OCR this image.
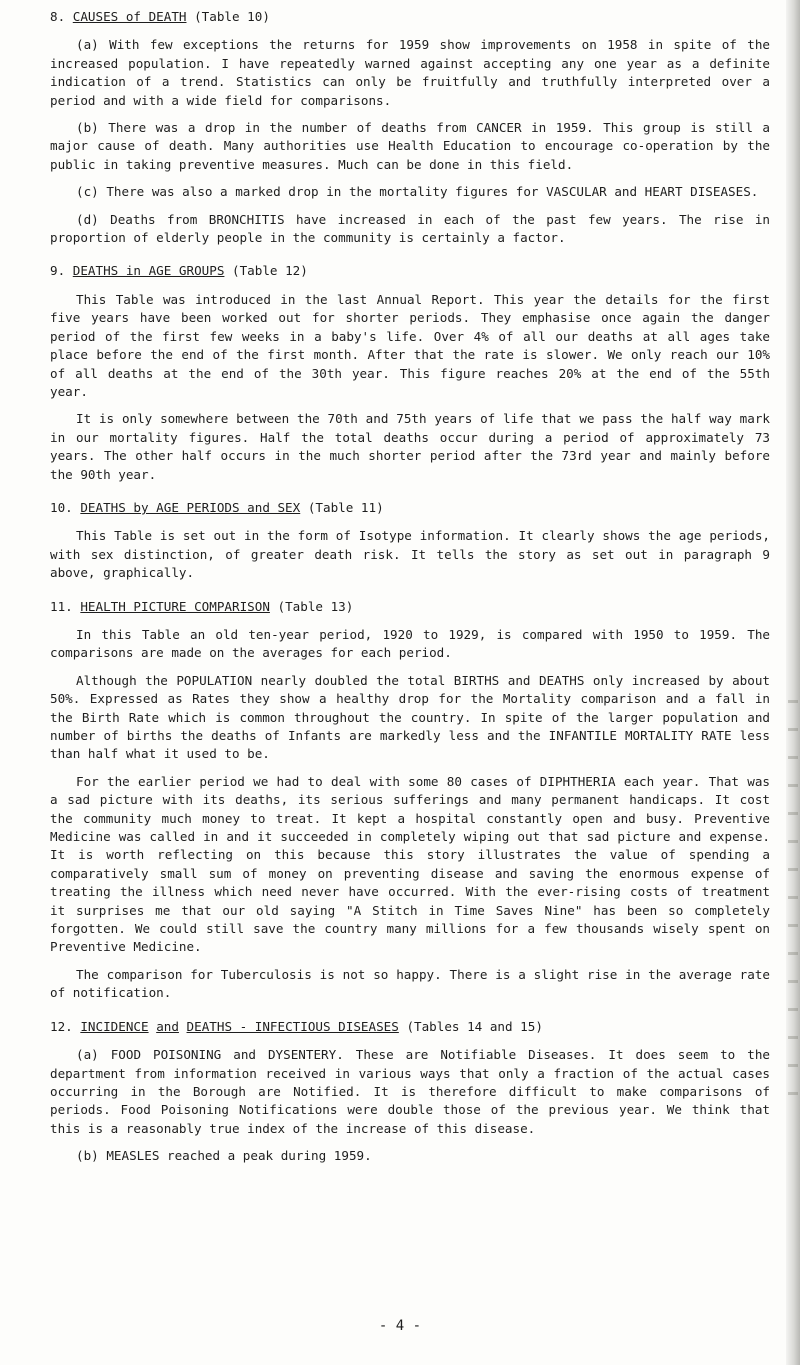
8. CAUSES of DEATH (Table 10)

(a) With few exceptions the returns for 1959 show improvements on 1958 in spite of the increased population. I have repeatedly warned against accepting any one year as a definite indication of a trend. Statistics can only be fruitfully and truthfully interpreted over a period and with a wide field for comparisons.

(b) There was a drop in the number of deaths from CANCER in 1959. This group is still a major cause of death. Many authorities use Health Education to encourage co-operation by the public in taking preventive measures. Much can be done in this field.

(c) There was also a marked drop in the mortality figures for VASCULAR and HEART DISEASES.

(d) Deaths from BRONCHITIS have increased in each of the past few years. The rise in proportion of elderly people in the community is certainly a factor.

9. DEATHS in AGE GROUPS (Table 12)

This Table was introduced in the last Annual Report. This year the details for the first five years have been worked out for shorter periods. They emphasise once again the danger period of the first few weeks in a baby's life. Over 4% of all our deaths at all ages take place before the end of the first month. After that the rate is slower. We only reach our 10% of all deaths at the end of the 30th year. This figure reaches 20% at the end of the 55th year.

It is only somewhere between the 70th and 75th years of life that we pass the half way mark in our mortality figures. Half the total deaths occur during a period of approximately 73 years. The other half occurs in the much shorter period after the 73rd year and mainly before the 90th year.

10. DEATHS by AGE PERIODS and SEX (Table 11)

This Table is set out in the form of Isotype information. It clearly shows the age periods, with sex distinction, of greater death risk. It tells the story as set out in paragraph 9 above, graphically.

11. HEALTH PICTURE COMPARISON (Table 13)

In this Table an old ten-year period, 1920 to 1929, is compared with 1950 to 1959. The comparisons are made on the averages for each period.

Although the POPULATION nearly doubled the total BIRTHS and DEATHS only increased by about 50%. Expressed as Rates they show a healthy drop for the Mortality comparison and a fall in the Birth Rate which is common throughout the country. In spite of the larger population and number of births the deaths of Infants are markedly less and the INFANTILE MORTALITY RATE less than half what it used to be.

For the earlier period we had to deal with some 80 cases of DIPHTHERIA each year. That was a sad picture with its deaths, its serious sufferings and many permanent handicaps. It cost the community much money to treat. It kept a hospital constantly open and busy. Preventive Medicine was called in and it succeeded in completely wiping out that sad picture and expense. It is worth reflecting on this because this story illustrates the value of spending a comparatively small sum of money on preventing disease and saving the enormous expense of treating the illness which need never have occurred. With the ever-rising costs of treatment it surprises me that our old saying "A Stitch in Time Saves Nine" has been so completely forgotten. We could still save the country many millions for a few thousands wisely spent on Preventive Medicine.

The comparison for Tuberculosis is not so happy. There is a slight rise in the average rate of notification.

12. INCIDENCE and DEATHS - INFECTIOUS DISEASES (Tables 14 and 15)

(a) FOOD POISONING and DYSENTERY. These are Notifiable Diseases. It does seem to the department from information received in various ways that only a fraction of the actual cases occurring in the Borough are Notified. It is therefore difficult to make comparisons of periods. Food Poisoning Notifications were double those of the previous year. We think that this is a reasonably true index of the increase of this disease.

(b) MEASLES reached a peak during 1959.

- 4 -
